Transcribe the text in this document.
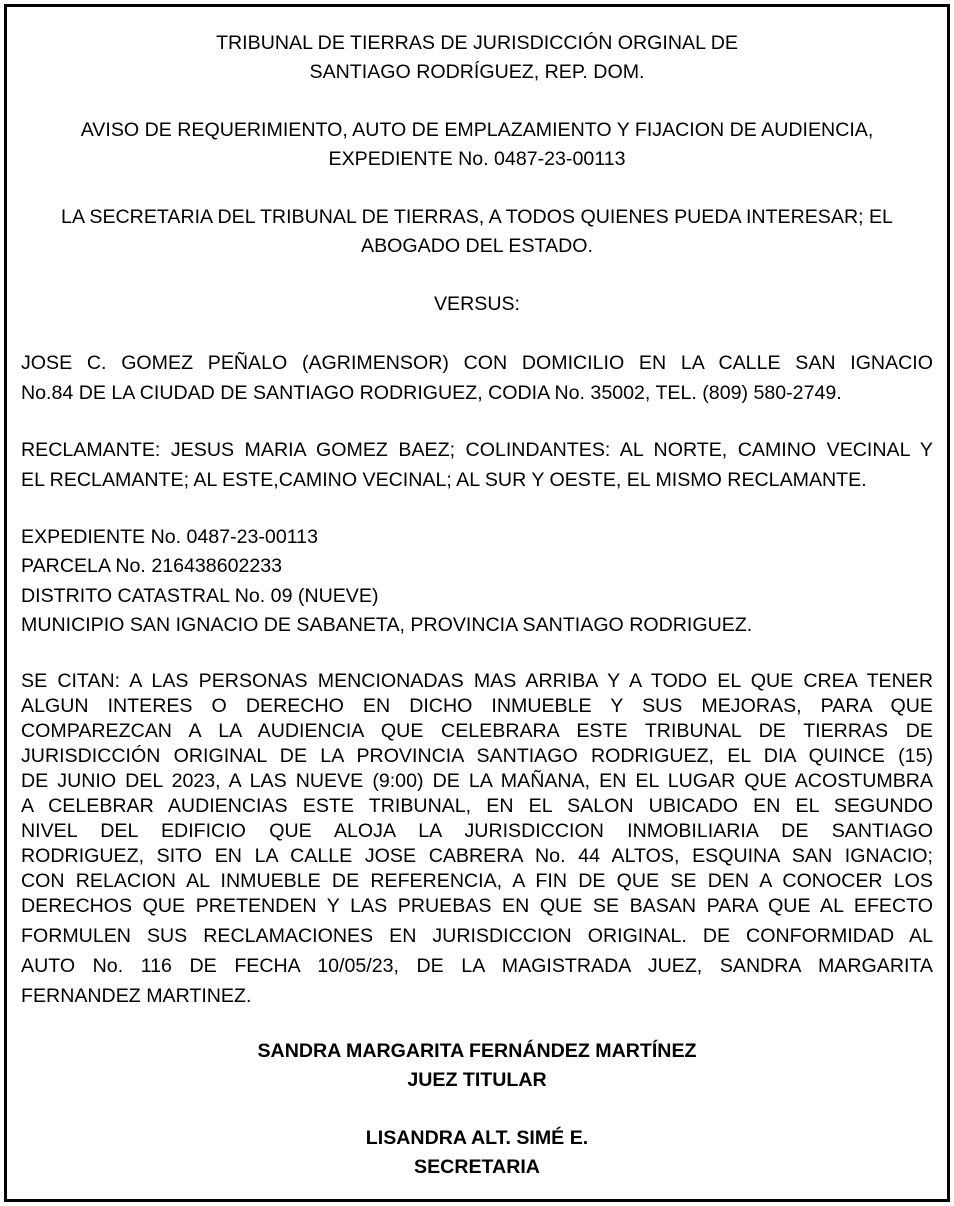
TRIBUNAL DE TIERRAS DE JURISDICCIÓN ORGINAL DE
SANTIAGO RODRÍGUEZ, REP. DOM.
AVISO DE REQUERIMIENTO, AUTO DE EMPLAZAMIENTO Y FIJACION DE AUDIENCIA,
EXPEDIENTE No. 0487-23-00113
LA SECRETARIA DEL TRIBUNAL DE TIERRAS, A TODOS QUIENES PUEDA INTERESAR; EL
ABOGADO DEL ESTADO.
VERSUS:
JOSE C. GOMEZ PEÑALO (AGRIMENSOR) CON DOMICILIO EN LA CALLE SAN IGNACIO
No.84 DE LA CIUDAD DE SANTIAGO RODRIGUEZ, CODIA No. 35002, TEL. (809) 580-2749.
RECLAMANTE: JESUS MARIA GOMEZ BAEZ; COLINDANTES: AL NORTE, CAMINO VECINAL Y
EL RECLAMANTE; AL ESTE,CAMINO VECINAL; AL SUR Y OESTE, EL MISMO RECLAMANTE.
EXPEDIENTE No. 0487-23-00113
PARCELA No. 216438602233
DISTRITO CATASTRAL No. 09 (NUEVE)
MUNICIPIO SAN IGNACIO DE SABANETA, PROVINCIA SANTIAGO RODRIGUEZ.
SE CITAN: A LAS PERSONAS MENCIONADAS MAS ARRIBA Y A TODO EL QUE CREA TENER
ALGUN INTERES O DERECHO EN DICHO INMUEBLE Y SUS MEJORAS, PARA QUE
COMPAREZCAN A LA AUDIENCIA QUE CELEBRARA ESTE TRIBUNAL DE TIERRAS DE
JURISDICCIÓN ORIGINAL DE LA PROVINCIA SANTIAGO RODRIGUEZ, EL DIA QUINCE (15)
DE JUNIO DEL 2023, A LAS NUEVE (9:00) DE LA MAÑANA, EN EL LUGAR QUE ACOSTUMBRA
A CELEBRAR AUDIENCIAS ESTE TRIBUNAL, EN EL SALON UBICADO EN EL SEGUNDO
NIVEL DEL EDIFICIO QUE ALOJA LA JURISDICCION INMOBILIARIA DE SANTIAGO
RODRIGUEZ, SITO EN LA CALLE JOSE CABRERA No. 44 ALTOS, ESQUINA SAN IGNACIO;
CON RELACION AL INMUEBLE DE REFERENCIA, A FIN DE QUE SE DEN A CONOCER LOS
DERECHOS QUE PRETENDEN Y LAS PRUEBAS EN QUE SE BASAN PARA QUE AL EFECTO
FORMULEN SUS RECLAMACIONES EN JURISDICCION ORIGINAL. DE CONFORMIDAD AL
AUTO No. 116 DE FECHA 10/05/23, DE LA MAGISTRADA JUEZ, SANDRA MARGARITA
FERNANDEZ MARTINEZ.
SANDRA MARGARITA FERNÁNDEZ MARTÍNEZ
JUEZ TITULAR
LISANDRA ALT. SIMÉ E.
SECRETARIA
